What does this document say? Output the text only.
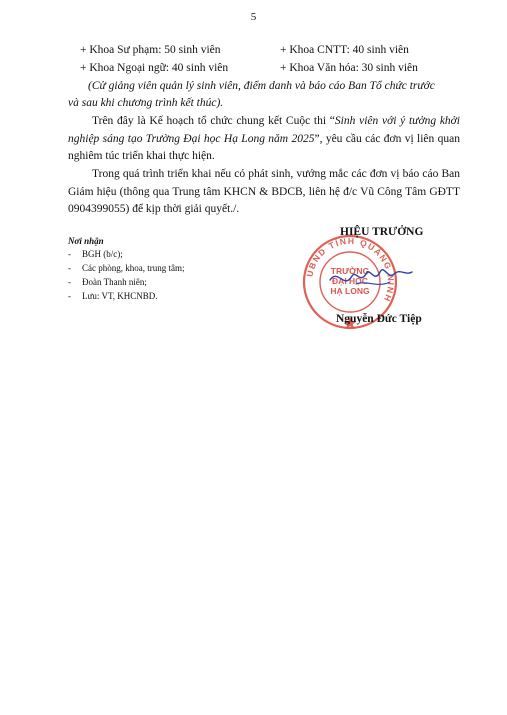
5
+ Khoa Sư phạm: 50 sinh viên	+ Khoa CNTT: 40 sinh viên
+ Khoa Ngoại ngữ: 40 sinh viên	+ Khoa Văn hóa: 30 sinh viên
(Cử giảng viên quản lý sinh viên, điểm danh và báo cáo Ban Tổ chức trước
và sau khi chương trình kết thúc).
Trên đây là Kế hoạch tổ chức chung kết Cuộc thi “Sinh viên với ý tưởng khởi nghiệp sáng tạo Trường Đại học Hạ Long năm 2025”, yêu cầu các đơn vị liên quan nghiêm túc triển khai thực hiện.
Trong quá trình triển khai nếu có phát sinh, vướng mắc các đơn vị báo cáo Ban Giám hiệu (thông qua Trung tâm KHCN & BDCB, liên hệ đ/c Vũ Công Tâm GĐTT 0904399055) để kịp thời giải quyết./.
Nơi nhận
- BGH (b/c);
- Các phòng, khoa, trung tâm;
- Đoàn Thanh niên;
- Lưu: VT, KHCNBD.
UBND TỈNH QUẢNG NINH
TRƯỜNG
ĐẠI HỌC
HẠ LONG
HIỆU TRƯỞNG
Nguyễn Đức Tiệp
